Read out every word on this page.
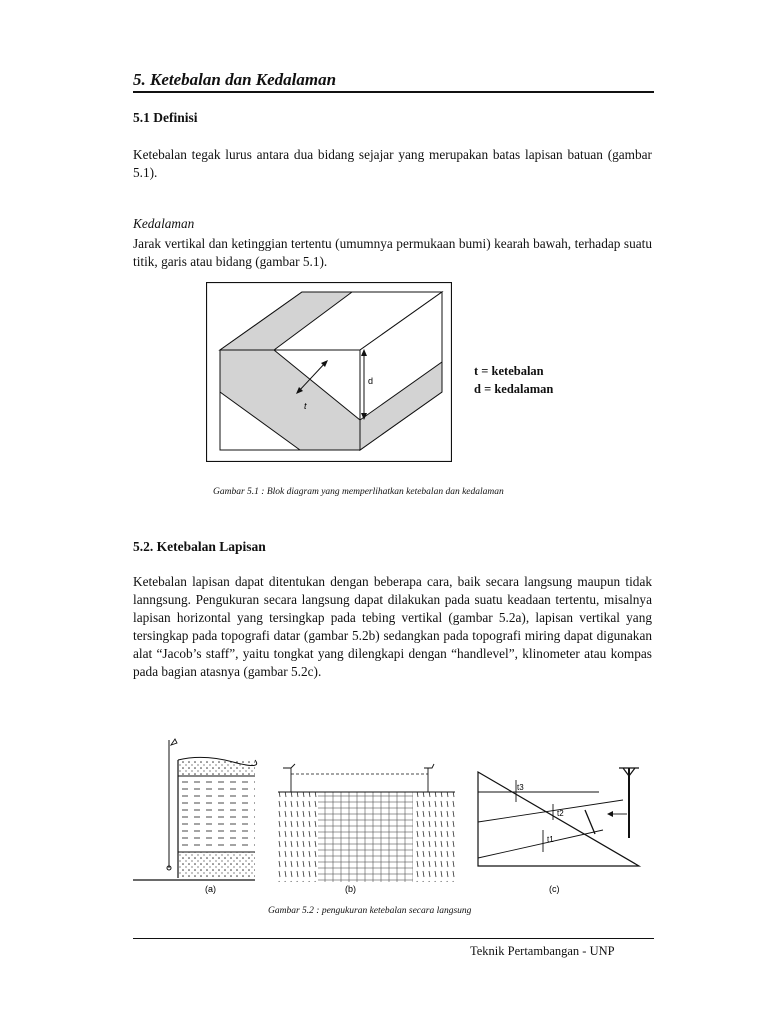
5. Ketebalan dan Kedalaman
5.1 Definisi

Ketebalan tegak lurus antara dua bidang sejajar yang merupakan batas lapisan batuan (gambar 5.1).

Kedalaman

Jarak vertikal dan ketinggian tertentu (umumnya permukaan bumi) kearah bawah, terhadap suatu titik, garis atau bidang (gambar 5.1).

d
t
t = ketebalan
d = kedalaman

Gambar 5.1 : Blok diagram yang memperlihatkan ketebalan dan kedalaman

5.2. Ketebalan Lapisan

Ketebalan lapisan dapat ditentukan dengan beberapa cara, baik secara langsung maupun tidak lanngsung. Pengukuran secara langsung dapat dilakukan pada suatu keadaan tertentu, misalnya lapisan horizontal yang tersingkap pada tebing vertikal (gambar 5.2a), lapisan vertikal yang tersingkap pada topografi datar (gambar 5.2b) sedangkan pada topografi miring dapat digunakan alat “Jacob’s staff”, yaitu tongkat yang dilengkapi dengan “handlevel”, klinometer atau kompas pada bagian atasnya (gambar 5.2c).

(a)	(b)
t3
t2
t1
(c)

Gambar 5.2 : pengukuran ketebalan secara langsung

Teknik Pertambangan - UNP
